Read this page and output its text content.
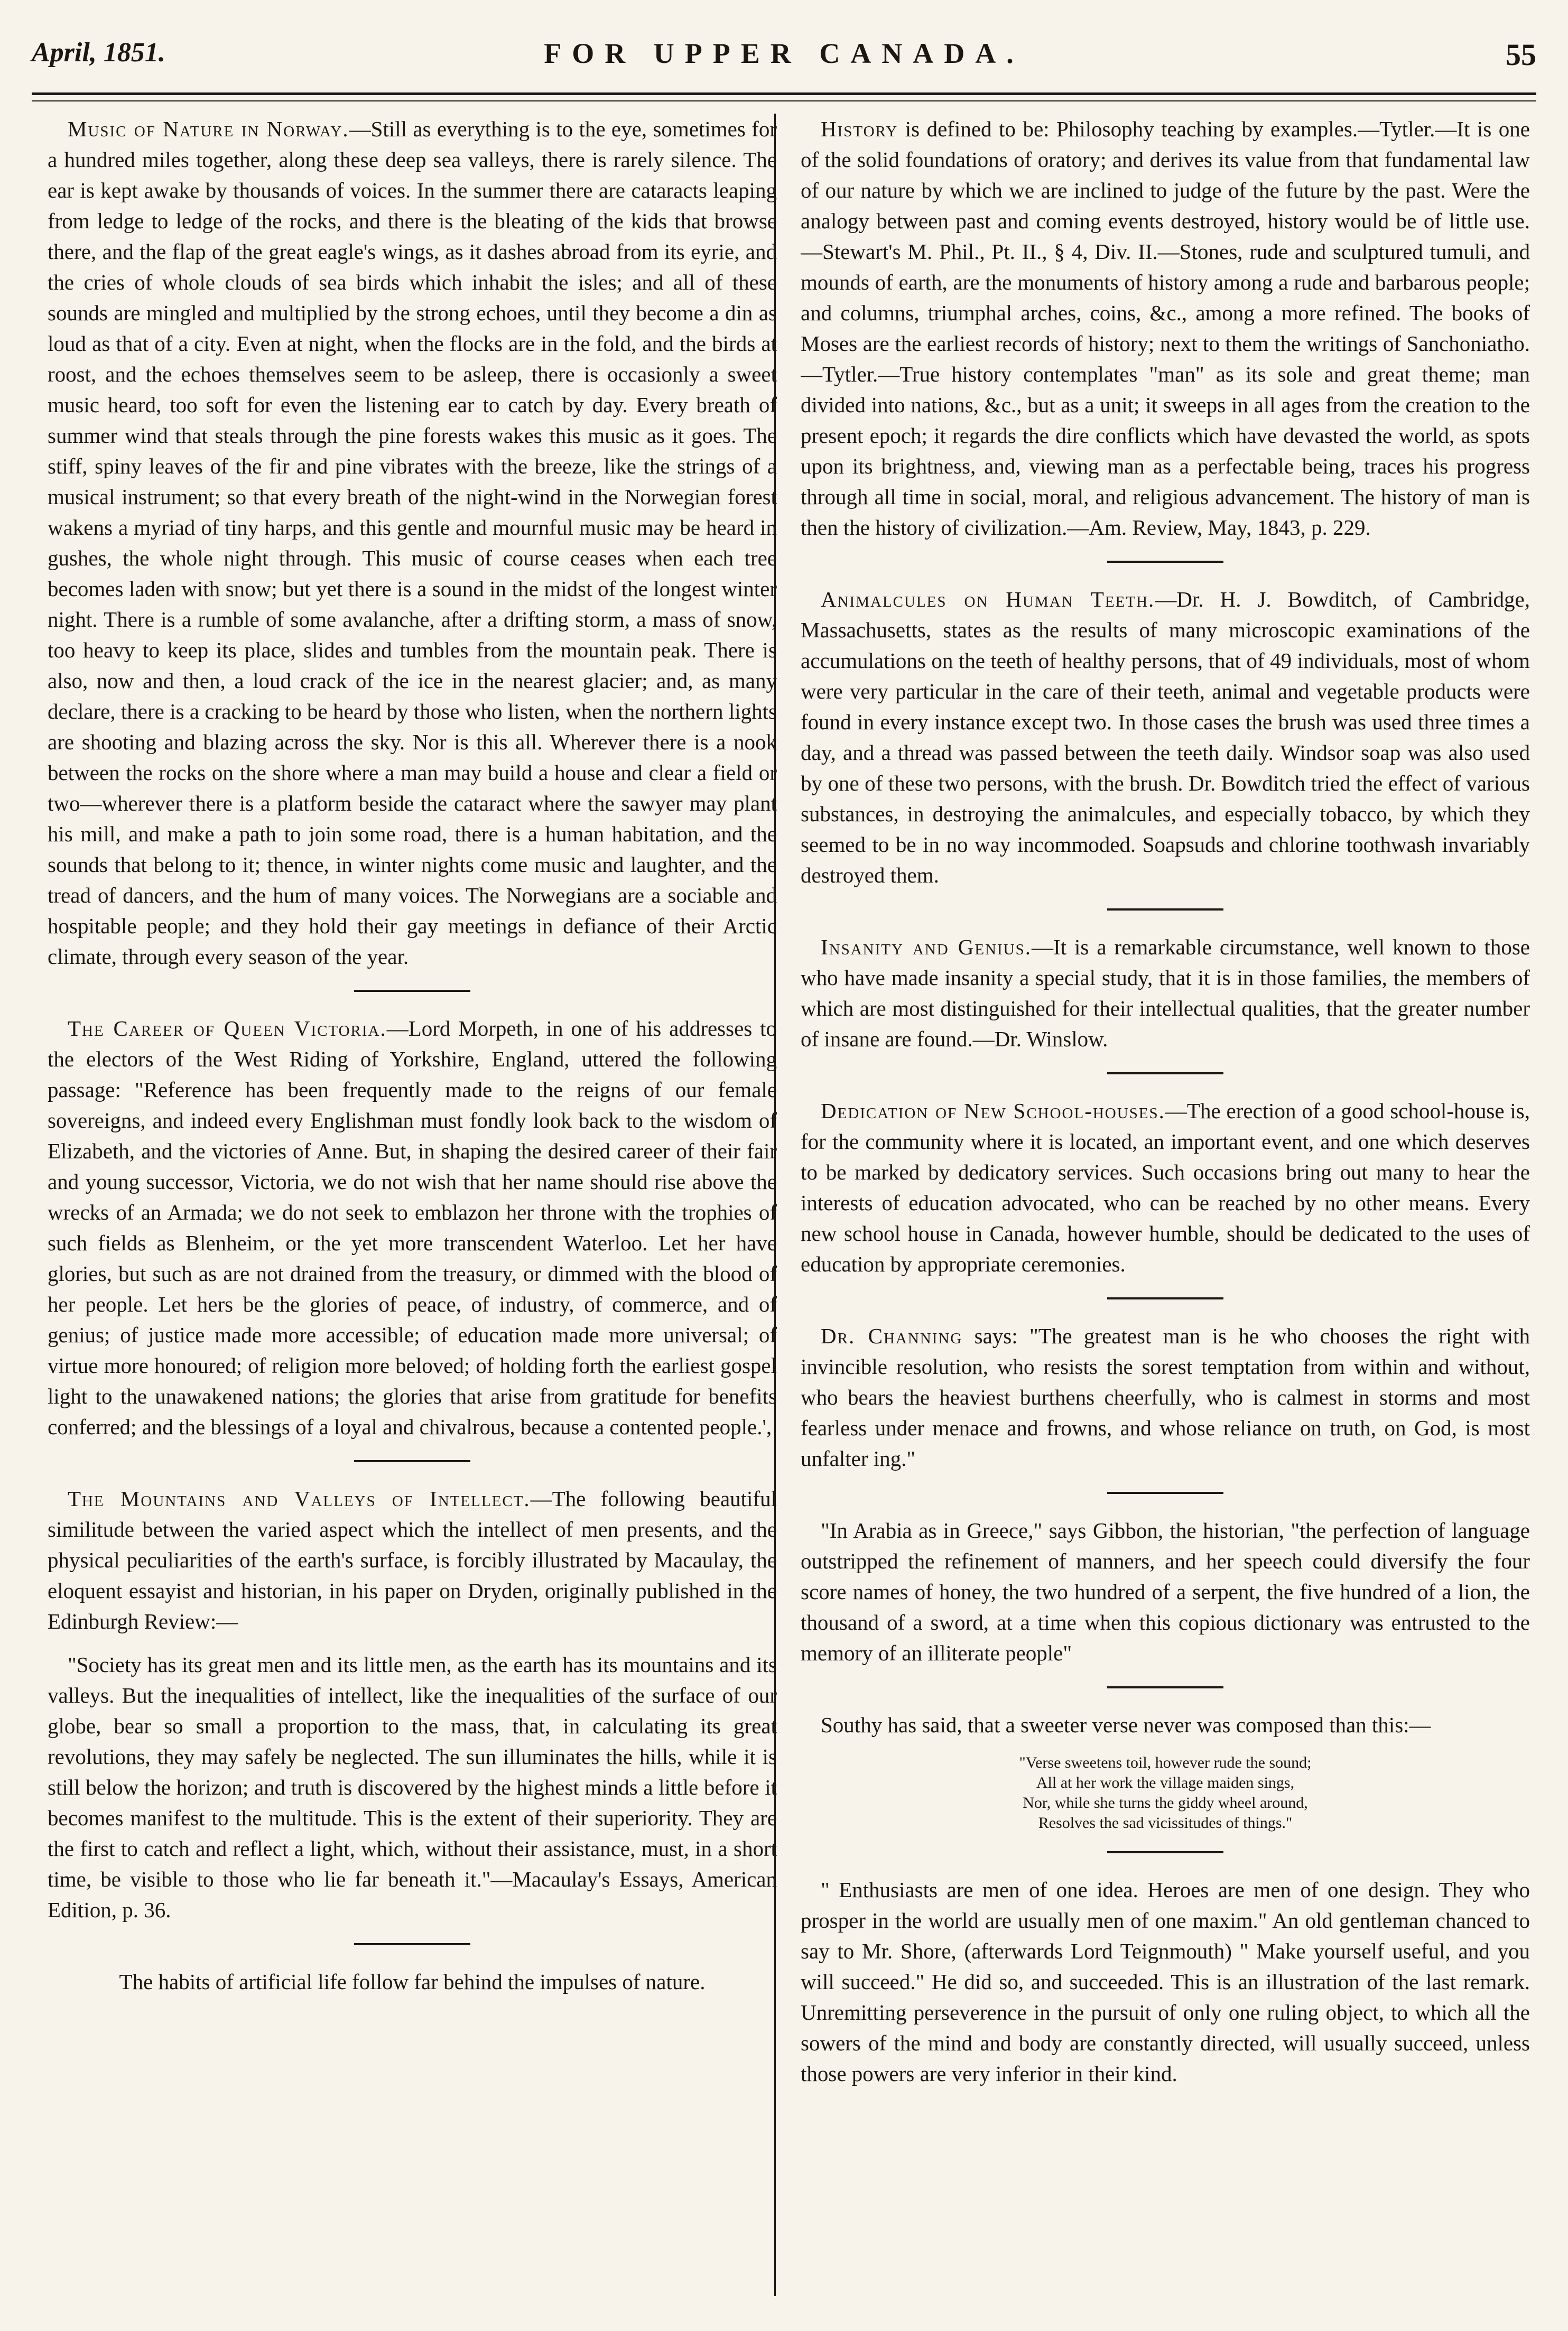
April, 1851.	FOR UPPER CANADA.	55

Music of Nature in Norway.—Still as everything is to the eye, sometimes for a hundred miles together, along these deep sea valleys, there is rarely silence. The ear is kept awake by thousands of voices. In the summer there are cataracts leaping from ledge to ledge of the rocks, and there is the bleating of the kids that browse there, and the flap of the great eagle's wings, as it dashes abroad from its eyrie, and the cries of whole clouds of sea birds which inhabit the isles; and all of these sounds are mingled and multiplied by the strong echoes, until they become a din as loud as that of a city. Even at night, when the flocks are in the fold, and the birds at roost, and the echoes themselves seem to be asleep, there is occasionly a sweet music heard, too soft for even the listening ear to catch by day. Every breath of summer wind that steals through the pine forests wakes this music as it goes. The stiff, spiny leaves of the fir and pine vibrates with the breeze, like the strings of a musical instrument; so that every breath of the night-wind in the Norwegian forest wakens a myriad of tiny harps, and this gentle and mournful music may be heard in gushes, the whole night through. This music of course ceases when each tree becomes laden with snow; but yet there is a sound in the midst of the longest winter night. There is a rumble of some avalanche, after a drifting storm, a mass of snow, too heavy to keep its place, slides and tumbles from the mountain peak. There is also, now and then, a loud crack of the ice in the nearest glacier; and, as many declare, there is a cracking to be heard by those who listen, when the northern lights are shooting and blazing across the sky. Nor is this all. Wherever there is a nook between the rocks on the shore where a man may build a house and clear a field or two—wherever there is a platform beside the cataract where the sawyer may plant his mill, and make a path to join some road, there is a human habitation, and the sounds that belong to it; thence, in winter nights come music and laughter, and the tread of dancers, and the hum of many voices. The Norwegians are a sociable and hospitable people; and they hold their gay meetings in defiance of their Arctic climate, through every season of the year.

The Career of Queen Victoria.—Lord Morpeth, in one of his addresses to the electors of the West Riding of Yorkshire, England, uttered the following passage: "Reference has been frequently made to the reigns of our female sovereigns, and indeed every Englishman must fondly look back to the wisdom of Elizabeth, and the victories of Anne. But, in shaping the desired career of their fair and young successor, Victoria, we do not wish that her name should rise above the wrecks of an Armada; we do not seek to emblazon her throne with the trophies of such fields as Blenheim, or the yet more transcendent Waterloo. Let her have glories, but such as are not drained from the treasury, or dimmed with the blood of her people. Let hers be the glories of peace, of industry, of commerce, and of genius; of justice made more accessible; of education made more universal; of virtue more honoured; of religion more beloved; of holding forth the earliest gospel light to the unawakened nations; the glories that arise from gratitude for benefits conferred; and the blessings of a loyal and chivalrous, because a contented people.',

The Mountains and Valleys of Intellect.—The following beautiful similitude between the varied aspect which the intellect of men presents, and the physical peculiarities of the earth's surface, is forcibly illustrated by Macaulay, the eloquent essayist and historian, in his paper on Dryden, originally published in the Edinburgh Review:—

"Society has its great men and its little men, as the earth has its mountains and its valleys. But the inequalities of intellect, like the inequalities of the surface of our globe, bear so small a proportion to the mass, that, in calculating its great revolutions, they may safely be neglected. The sun illuminates the hills, while it is still below the horizon; and truth is discovered by the highest minds a little before it becomes manifest to the multitude. This is the extent of their superiority. They are the first to catch and reflect a light, which, without their assistance, must, in a short time, be visible to those who lie far beneath it."—Macaulay's Essays, American Edition, p. 36.

The habits of artificial life follow far behind the impulses of nature.

History is defined to be: Philosophy teaching by examples.—Tytler.—It is one of the solid foundations of oratory; and derives its value from that fundamental law of our nature by which we are inclined to judge of the future by the past. Were the analogy between past and coming events destroyed, history would be of little use.—Stewart's M. Phil., Pt. II., § 4, Div. II.—Stones, rude and sculptured tumuli, and mounds of earth, are the monuments of history among a rude and barbarous people; and columns, triumphal arches, coins, &c., among a more refined. The books of Moses are the earliest records of history; next to them the writings of Sanchoniatho.—Tytler.—True history contemplates "man" as its sole and great theme; man divided into nations, &c., but as a unit; it sweeps in all ages from the creation to the present epoch; it regards the dire conflicts which have devasted the world, as spots upon its brightness, and, viewing man as a perfectable being, traces his progress through all time in social, moral, and religious advancement. The history of man is then the history of civilization.—Am. Review, May, 1843, p. 229.

Animalcules on Human Teeth.—Dr. H. J. Bowditch, of Cambridge, Massachusetts, states as the results of many microscopic examinations of the accumulations on the teeth of healthy persons, that of 49 individuals, most of whom were very particular in the care of their teeth, animal and vegetable products were found in every instance except two. In those cases the brush was used three times a day, and a thread was passed between the teeth daily. Windsor soap was also used by one of these two persons, with the brush. Dr. Bowditch tried the effect of various substances, in destroying the animalcules, and especially tobacco, by which they seemed to be in no way incommoded. Soapsuds and chlorine toothwash invariably destroyed them.

Insanity and Genius.—It is a remarkable circumstance, well known to those who have made insanity a special study, that it is in those families, the members of which are most distinguished for their intellectual qualities, that the greater number of insane are found.—Dr. Winslow.

Dedication of New School-houses.—The erection of a good school-house is, for the community where it is located, an important event, and one which deserves to be marked by dedicatory services. Such occasions bring out many to hear the interests of education advocated, who can be reached by no other means. Every new school house in Canada, however humble, should be dedicated to the uses of education by appropriate ceremonies.

Dr. Channing says: "The greatest man is he who chooses the right with invincible resolution, who resists the sorest temptation from within and without, who bears the heaviest burthens cheerfully, who is calmest in storms and most fearless under menace and frowns, and whose reliance on truth, on God, is most unfalter ing."

"In Arabia as in Greece," says Gibbon, the historian, "the perfection of language outstripped the refinement of manners, and her speech could diversify the four score names of honey, the two hundred of a serpent, the five hundred of a lion, the thousand of a sword, at a time when this copious dictionary was entrusted to the memory of an illiterate people"

Southy has said, that a sweeter verse never was composed than this:—

"Verse sweetens toil, however rude the sound;
All at her work the village maiden sings,
Nor, while she turns the giddy wheel around,
Resolves the sad vicissitudes of things."

" Enthusiasts are men of one idea. Heroes are men of one design. They who prosper in the world are usually men of one maxim." An old gentleman chanced to say to Mr. Shore, (afterwards Lord Teignmouth) " Make yourself useful, and you will succeed." He did so, and succeeded. This is an illustration of the last remark. Unremitting perseverence in the pursuit of only one ruling object, to which all the sowers of the mind and body are constantly directed, will usually succeed, unless those powers are very inferior in their kind.
